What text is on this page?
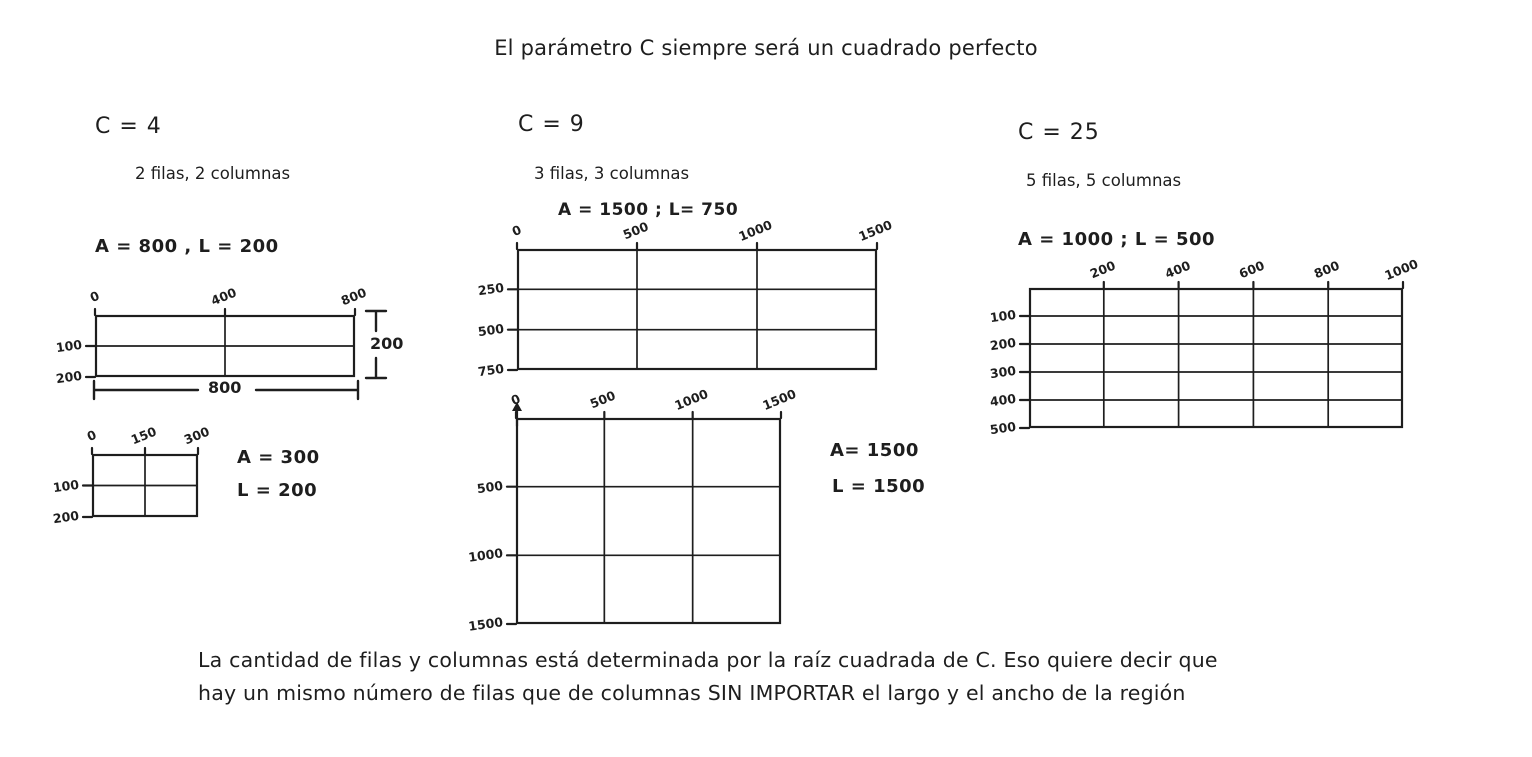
El parámetro C siempre será un cuadrado perfecto
C = 4
2 filas, 2 columnas
A = 800 , L = 200
0	400	800
100
200
200
800
0 150 300
100
200
A = 300
L = 200
C = 9
3 filas, 3 columnas
A = 1500 ; L= 750
0	500	1000	1500
250
500
750
0	500	1000	1500
500
1000
1500
A= 1500
L = 1500
C = 25
5 filas, 5 columnas
A = 1000 ; L = 500
200	400	600	800	1000
100
200
300
400
500
La cantidad de filas y columnas está determinada por la raíz cuadrada de C. Eso quiere decir que
hay un mismo número de filas que de columnas SIN IMPORTAR el largo y el ancho de la región
